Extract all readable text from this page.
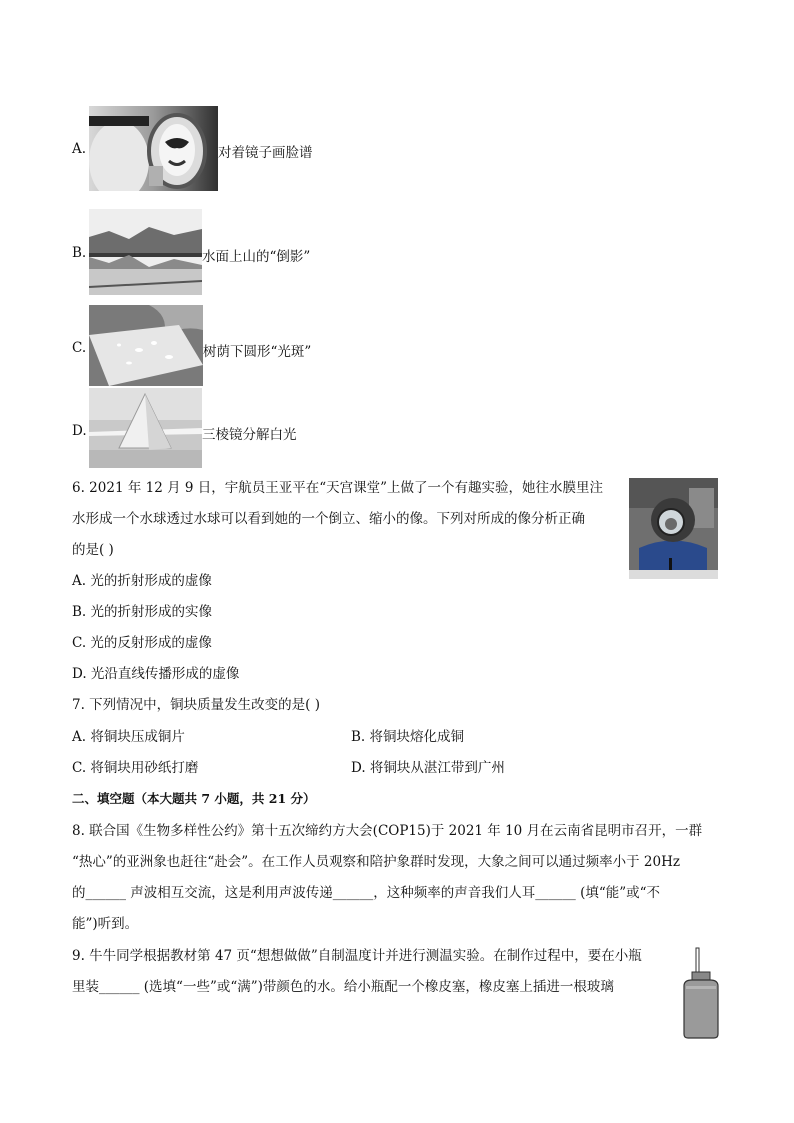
A.	对着镜子画脸谱
B.	水面上山的“倒影”
C.	树荫下圆形“光斑”
D.	三棱镜分解白光
6. 2021 年 12 月 9 日，宇航员王亚平在“天宫课堂”上做了一个有趣实验，她往水膜里注
水形成一个水球透过水球可以看到她的一个倒立、缩小的像。下列对所成的像分析正确
的是( )
A. 光的折射形成的虚像
B. 光的折射形成的实像
C. 光的反射形成的虚像
D. 光沿直线传播形成的虚像
7. 下列情况中，铜块质量发生改变的是( )
A. 将铜块压成铜片	B. 将铜块熔化成铜
C. 将铜块用砂纸打磨	D. 将铜块从湛江带到广州
二、填空题（本大题共 7 小题，共 21 分）
8. 联合国《生物多样性公约》第十五次缔约方大会(COP15)于 2021 年 10 月在云南省昆明市召开，一群
“热心”的亚洲象也赶往“赴会”。在工作人员观察和陪护象群时发现，大象之间可以通过频率小于 20Hz
的______ 声波相互交流，这是利用声波传递______，这种频率的声音我们人耳______ (填“能”或“不
能”)听到。
9. 牛牛同学根据教材第 47 页“想想做做”自制温度计并进行测温实验。在制作过程中，要在小瓶
里装______ (选填“一些”或“满”)带颜色的水。给小瓶配一个橡皮塞，橡皮塞上插进一根玻璃
